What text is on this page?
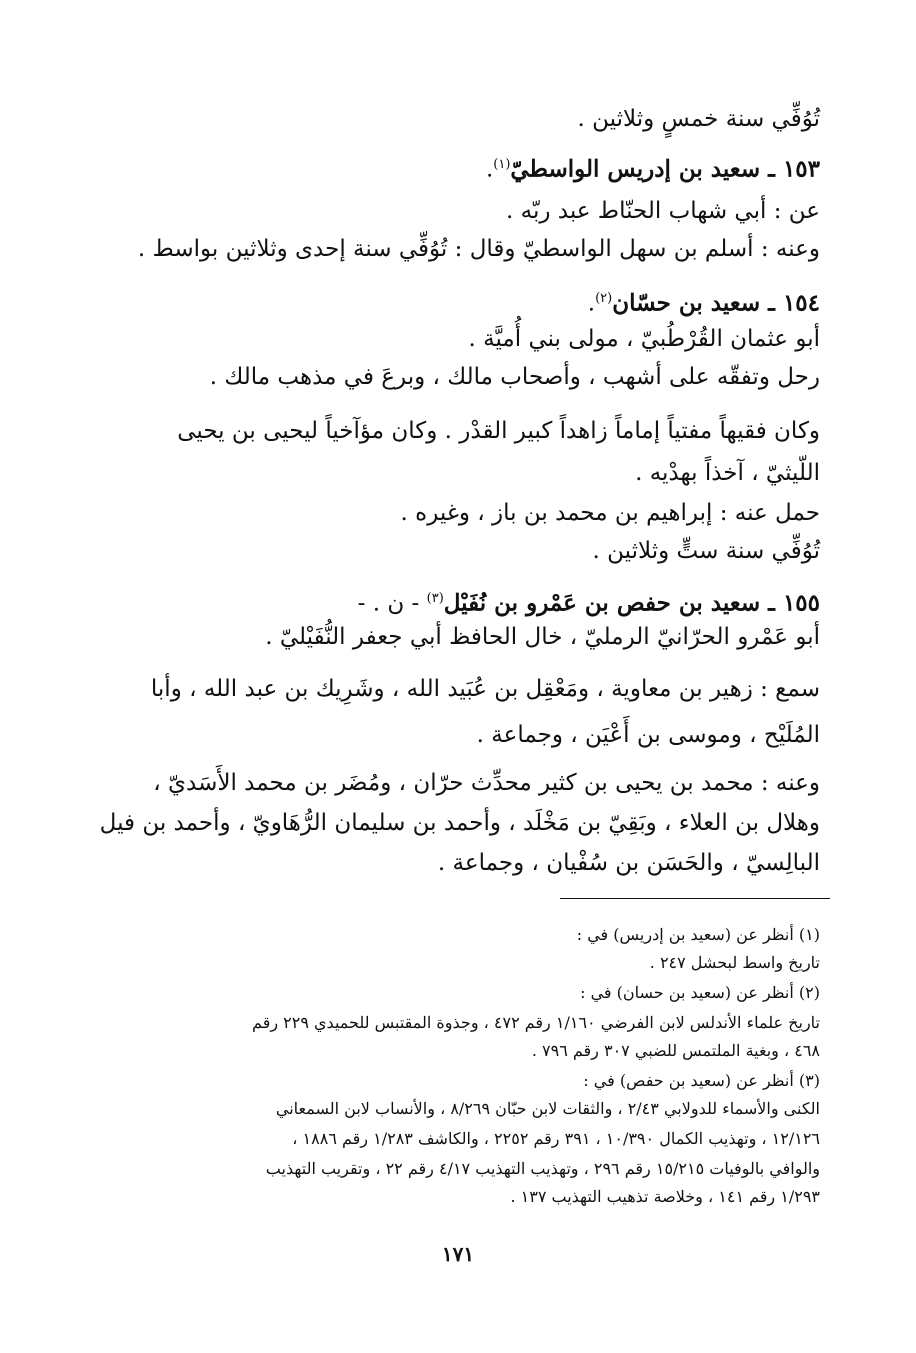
تُوُفِّي سنة خمسٍ وثلاثين .

١٥٣ ـ سعيد بن إدريس الواسطيّ$^{(١)}$.

عن : أبي شهاب الحنّاط عبد ربّه .

وعنه : أسلم بن سهل الواسطيّ وقال : تُوُفِّي سنة إحدى وثلاثين بواسط .

١٥٤ ـ سعيد بن حسّان$^{(٢)}$.

أبو عثمان القُرْطُبيّ ، مولى بني أُميَّة .

رحل وتفقّه على أشهب ، وأصحاب مالك ، وبرعَ في مذهب مالك .

وكان فقيهاً مفتياً إماماً زاهداً كبير القدْر . وكان مؤآخياً ليحيى بن يحيى

اللّيثيّ ، آخذاً بهدْيه .

حمل عنه : إبراهيم بن محمد بن باز ، وغيره .

تُوُفِّي سنة ستٍّ وثلاثين .

١٥٥ ـ سعيد بن حفص بن عَمْرو بن نُفَيْل$^{(٣)}$ - ن . -

أبو عَمْرو الحرّانيّ الرمليّ ، خال الحافظ أبي جعفر النُّفَيْليّ .

سمع : زهير بن معاوية ، ومَعْقِل بن عُبَيد الله ، وشَرِيك بن عبد الله ، وأبا

المُلَيْح ، وموسى بن أَعْيَن ، وجماعة .

وعنه : محمد بن يحيى بن كثير محدِّث حرّان ، ومُضَر بن محمد الأَسَديّ ،

وهلال بن العلاء ، وبَقِيّ بن مَخْلَد ، وأحمد بن سليمان الرُّهَاويّ ، وأحمد بن فيل

البالِسيّ ، والحَسَن بن سُفْيان ، وجماعة .

(١) أنظر عن (سعيد بن إدريس) في :

تاريخ واسط لبحشل ٢٤٧ .

(٢) أنظر عن (سعيد بن حسان) في :

تاريخ علماء الأندلس لابن الفرضي ١/١٦٠ رقم ٤٧٢ ، وجذوة المقتبس للحميدي ٢٢٩ رقم

٤٦٨ ، وبغية الملتمس للضبي ٣٠٧ رقم ٧٩٦ .

(٣) أنظر عن (سعيد بن حفص) في :

الكنى والأسماء للدولابي ٢/٤٣ ، والثقات لابن حبّان ٨/٢٦٩ ، والأنساب لابن السمعاني

١٢/١٢٦ ، وتهذيب الكمال ١٠/٣٩٠ ، ٣٩١ رقم ٢٢٥٢ ، والكاشف ١/٢٨٣ رقم ١٨٨٦ ،

والوافي بالوفيات ١٥/٢١٥ رقم ٢٩٦ ، وتهذيب التهذيب ٤/١٧ رقم ٢٢ ، وتقريب التهذيب

١/٢٩٣ رقم ١٤١ ، وخلاصة تذهيب التهذيب ١٣٧ .

١٧١
